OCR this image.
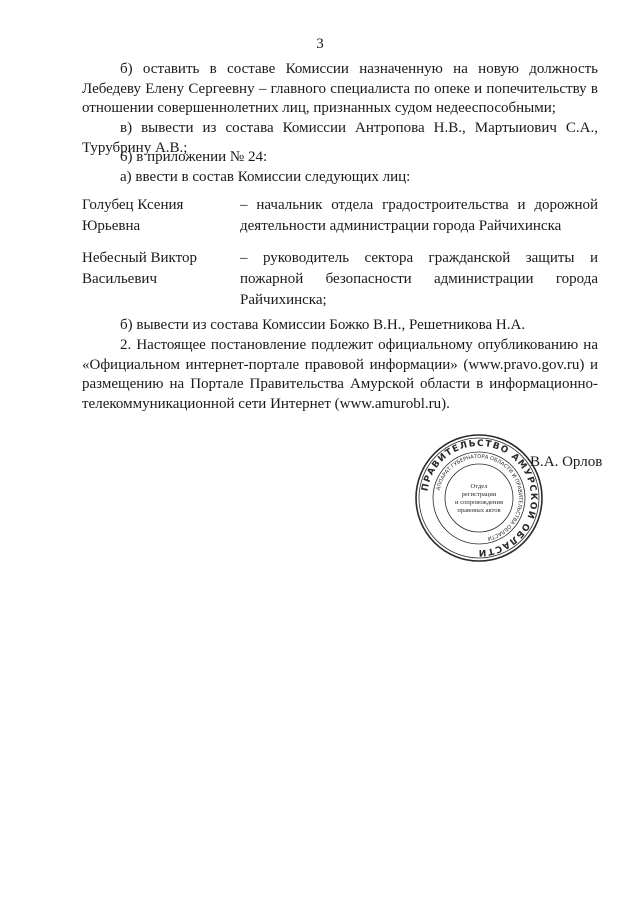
3

б) оставить в составе Комиссии назначенную на новую должность Лебедеву Елену Сергеевну – главного специалиста по опеке и попечительству в отношении совершеннолетних лиц, признанных судом недееспособными;

в) вывести из состава Комиссии Антропова Н.В., Мартыиович С.А., Турубрину А.В.;

6) в приложении № 24:

а) ввести в состав Комиссии следующих лиц:

Голубец Ксения
Юрьевна

– начальник отдела градостроительства и дорожной деятельности администрации города Райчихинска

Небесный Виктор
Васильевич

– руководитель сектора гражданской защиты и пожарной безопасности администрации города Райчихинска;

б) вывести из состава Комиссии Божко В.Н., Решетникова Н.А.

2. Настоящее постановление подлежит официальному опубликованию на «Официальном интернет-портале правовой информации» (www.pravo.gov.ru) и размещению на Портале Правительства Амурской области в информационно-телекоммуникационной сети Интернет (www.amurobl.ru).

ПРАВИТЕЛЬСТВО АМУРСКОЙ ОБЛАСТИ
АППАРАТ ГУБЕРНАТОРА ОБЛАСТИ И ПРАВИТЕЛЬСТВА ОБЛАСТИ
Отдел
регистрации
и сопровождения
правовых актов
В.А. Орлов
